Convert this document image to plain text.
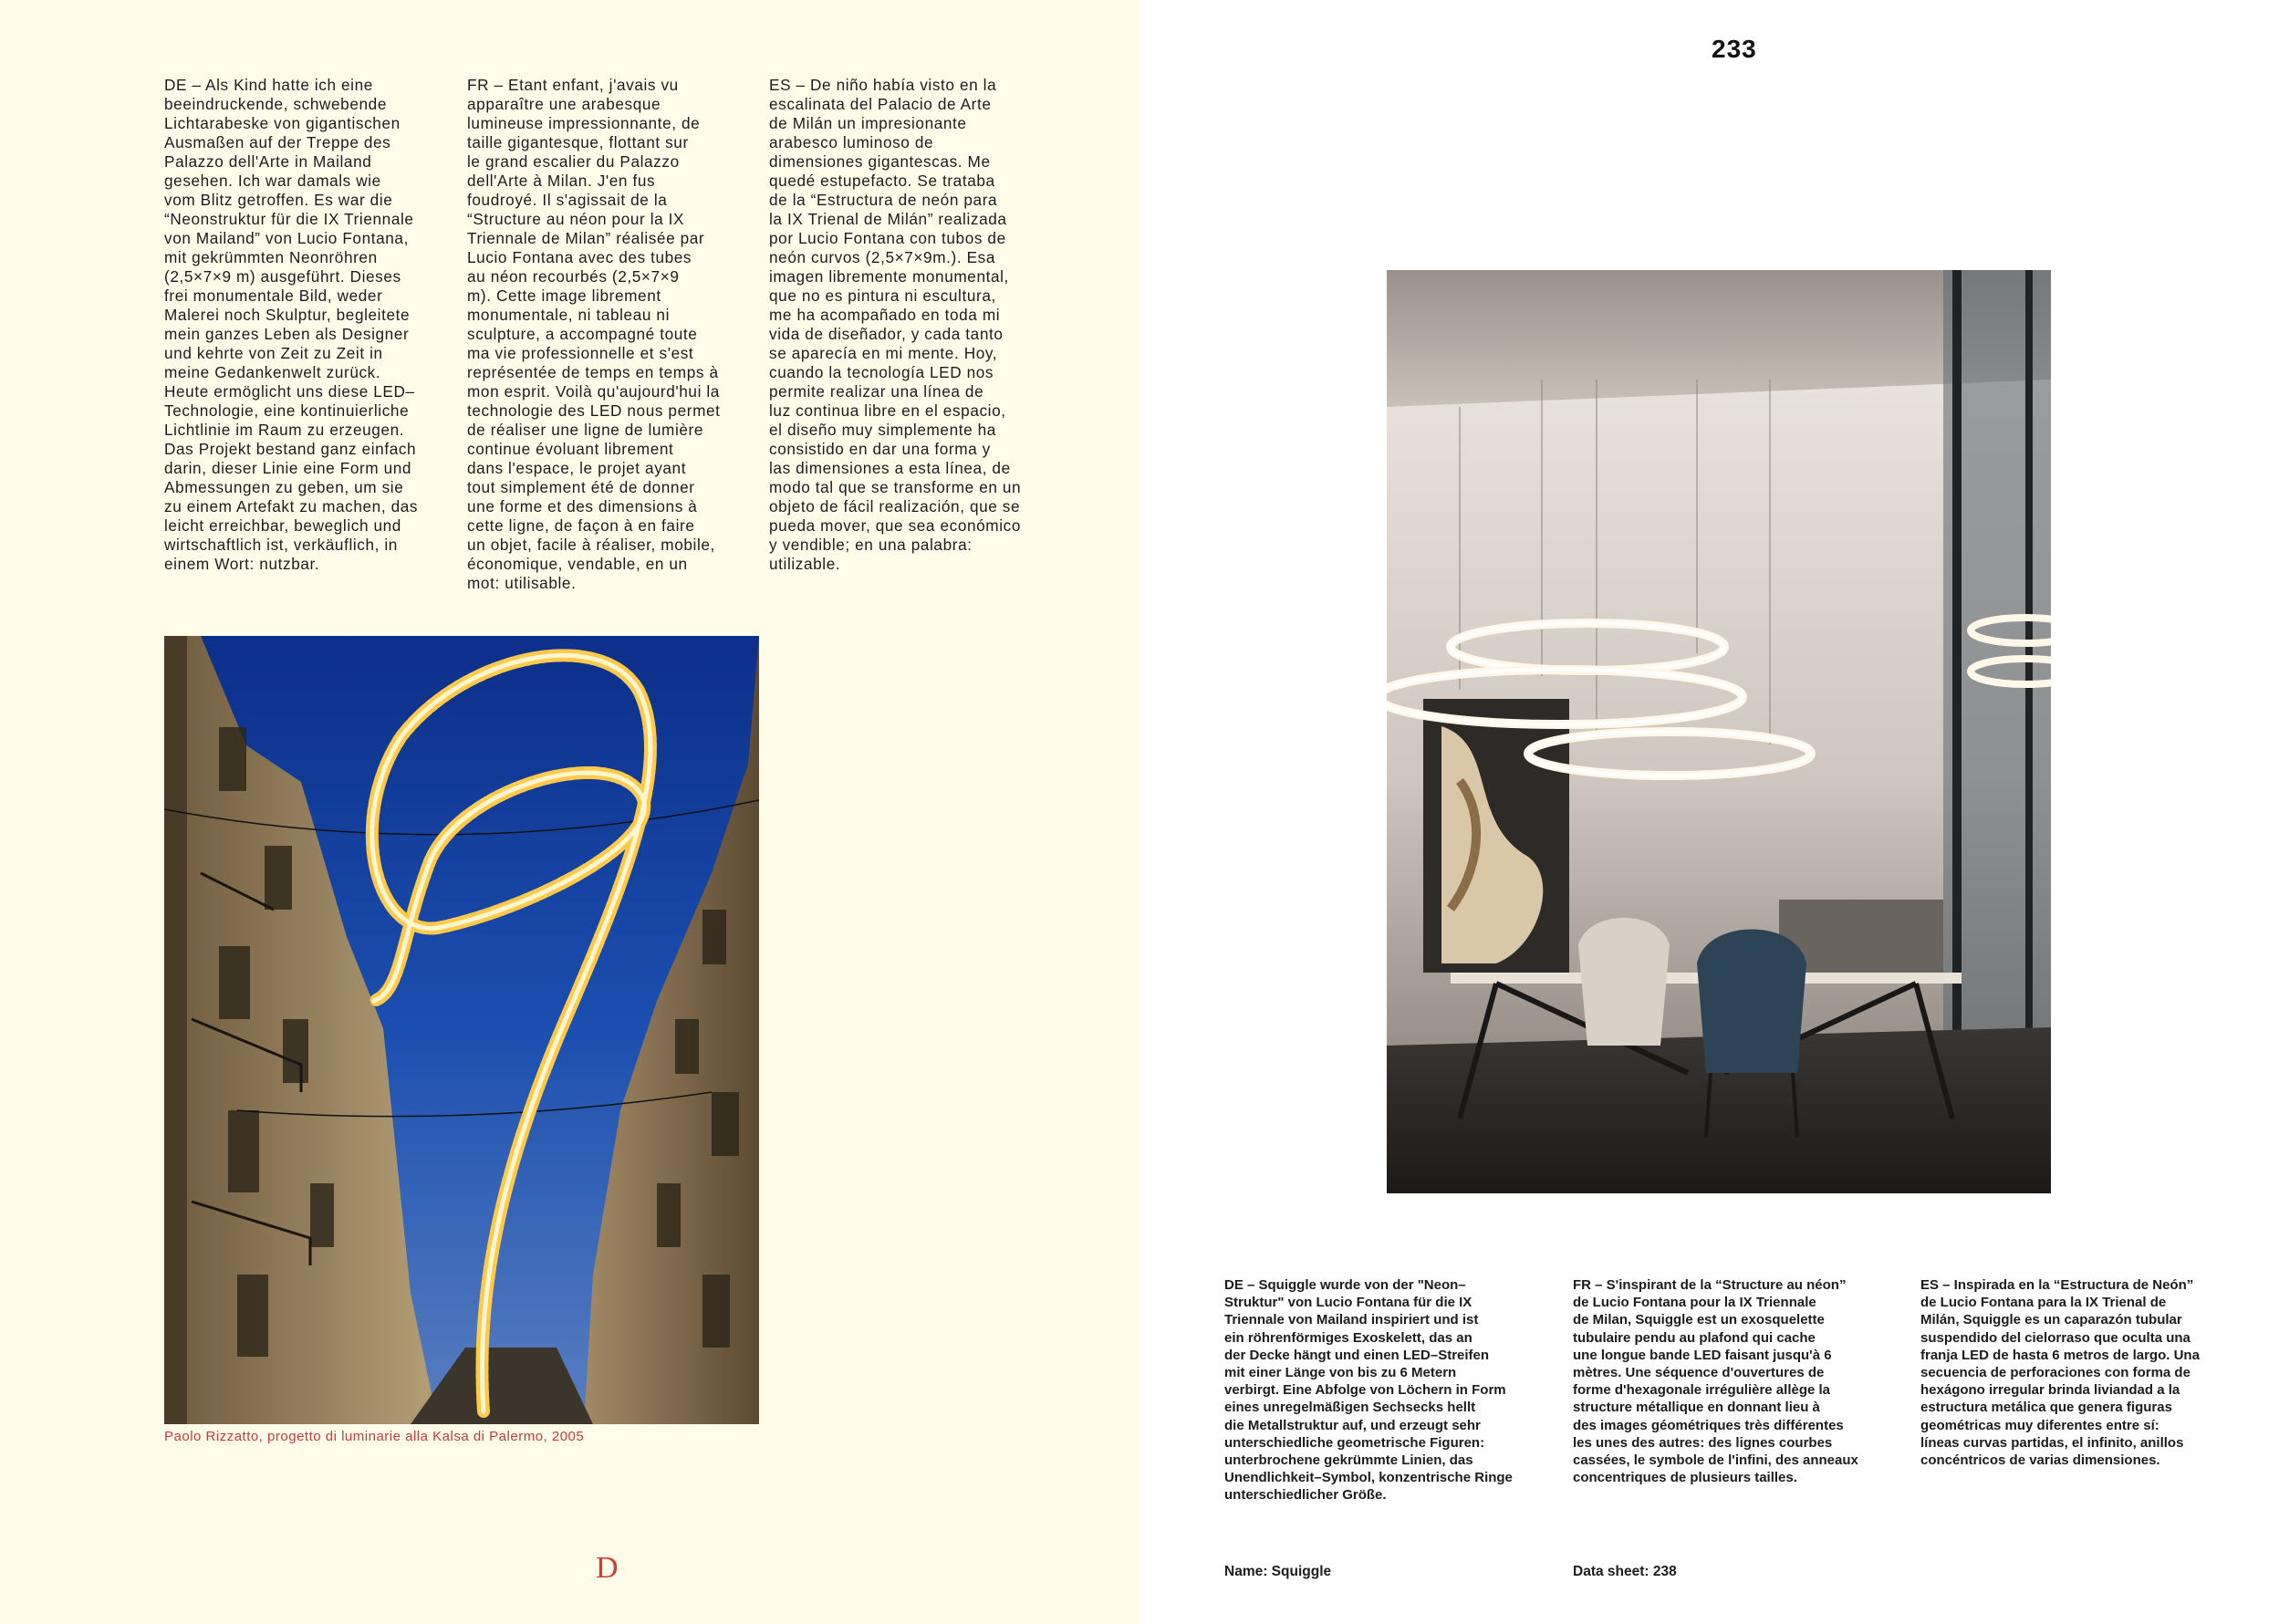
DE – Als Kind hatte ich eine
beeindruckende, schwebende
Lichtarabeske von gigantischen
Ausmaßen auf der Treppe des
Palazzo dell'Arte in Mailand
gesehen. Ich war damals wie
vom Blitz getroffen. Es war die
“Neonstruktur für die IX Triennale
von Mailand” von Lucio Fontana,
mit gekrümmten Neonröhren
(2,5×7×9 m) ausgeführt. Dieses
frei monumentale Bild, weder
Malerei noch Skulptur, begleitete
mein ganzes Leben als Designer
und kehrte von Zeit zu Zeit in
meine Gedankenwelt zurück.
Heute ermöglicht uns diese LED–
Technologie, eine kontinuierliche
Lichtlinie im Raum zu erzeugen.
Das Projekt bestand ganz einfach
darin, dieser Linie eine Form und
Abmessungen zu geben, um sie
zu einem Artefakt zu machen, das
leicht erreichbar, beweglich und
wirtschaftlich ist, verkäuflich, in
einem Wort: nutzbar.
FR – Etant enfant, j'avais vu
apparaître une arabesque
lumineuse impressionnante, de
taille gigantesque, flottant sur
le grand escalier du Palazzo
dell'Arte à Milan. J'en fus
foudroyé. Il s'agissait de la
“Structure au néon pour la IX
Triennale de Milan” réalisée par
Lucio Fontana avec des tubes
au néon recourbés (2,5×7×9
m). Cette image librement
monumentale, ni tableau ni
sculpture, a accompagné toute
ma vie professionnelle et s'est
représentée de temps en temps à
mon esprit. Voilà qu'aujourd'hui la
technologie des LED nous permet
de réaliser une ligne de lumière
continue évoluant librement
dans l'espace, le projet ayant
tout simplement été de donner
une forme et des dimensions à
cette ligne, de façon à en faire
un objet, facile à réaliser, mobile,
économique, vendable, en un
mot: utilisable.
ES – De niño había visto en la
escalinata del Palacio de Arte
de Milán un impresionante
arabesco luminoso de
dimensiones gigantescas. Me
quedé estupefacto. Se trataba
de la “Estructura de neón para
la IX Trienal de Milán” realizada
por Lucio Fontana con tubos de
neón curvos (2,5×7×9m.). Esa
imagen libremente monumental,
que no es pintura ni escultura,
me ha acompañado en toda mi
vida de diseñador, y cada tanto
se aparecía en mi mente. Hoy,
cuando la tecnología LED nos
permite realizar una línea de
luz continua libre en el espacio,
el diseño muy simplemente ha
consistido en dar una forma y
las dimensiones a esta línea, de
modo tal que se transforme en un
objeto de fácil realización, que se
pueda mover, que sea económico
y vendible; en una palabra:
utilizable.
Paolo Rizzatto, progetto di luminarie alla Kalsa di Palermo, 2005
D
233
DE – Squiggle wurde von der "Neon–
Struktur" von Lucio Fontana für die IX
Triennale von Mailand inspiriert und ist
ein röhrenförmiges Exoskelett, das an
der Decke hängt und einen LED–Streifen
mit einer Länge von bis zu 6 Metern
verbirgt. Eine Abfolge von Löchern in Form
eines unregelmäßigen Sechsecks hellt
die Metallstruktur auf, und erzeugt sehr
unterschiedliche geometrische Figuren:
unterbrochene gekrümmte Linien, das
Unendlichkeit–Symbol, konzentrische Ringe
unterschiedlicher Größe.
FR – S'inspirant de la “Structure au néon”
de Lucio Fontana pour la IX Triennale
de Milan, Squiggle est un exosquelette
tubulaire pendu au plafond qui cache
une longue bande LED faisant jusqu'à 6
mètres. Une séquence d'ouvertures de
forme d'hexagonale irrégulière allège la
structure métallique en donnant lieu à
des images géométriques très différentes
les unes des autres: des lignes courbes
cassées, le symbole de l'infini, des anneaux
concentriques de plusieurs tailles.
ES – Inspirada en la “Estructura de Neón”
de Lucio Fontana para la IX Trienal de
Milán, Squiggle es un caparazón tubular
suspendido del cielorraso que oculta una
franja LED de hasta 6 metros de largo. Una
secuencia de perforaciones con forma de
hexágono irregular brinda liviandad a la
estructura metálica que genera figuras
geométricas muy diferentes entre sí:
líneas curvas partidas, el infinito, anillos
concéntricos de varias dimensiones.
Name: Squiggle	Data sheet: 238
